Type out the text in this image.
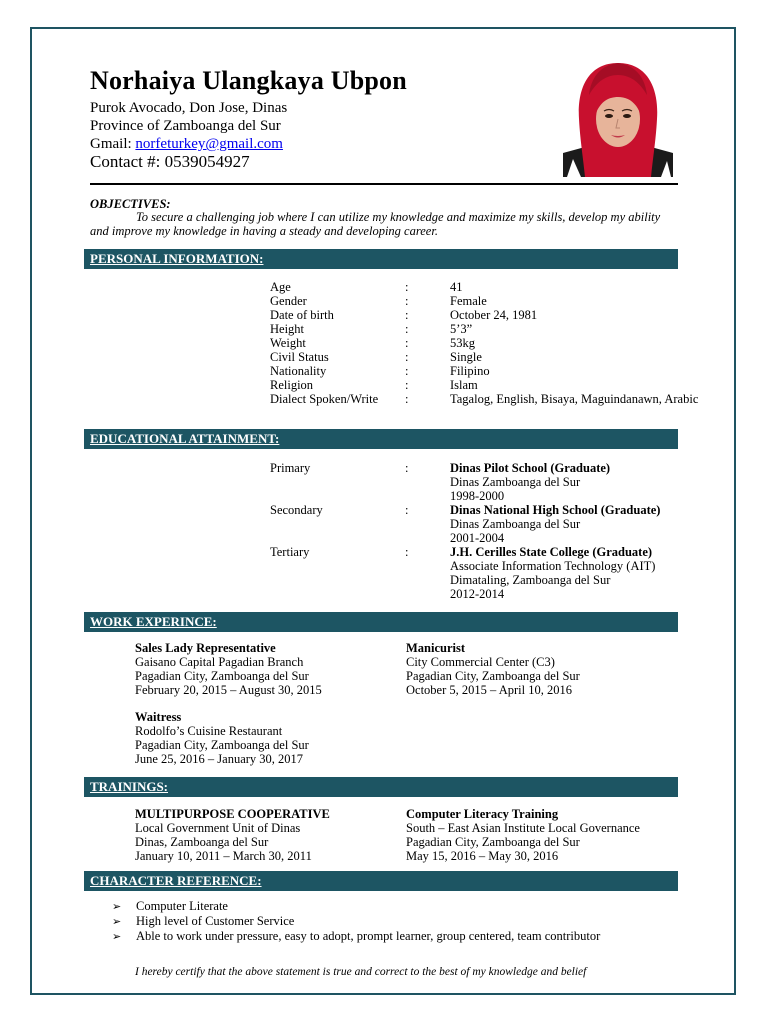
Norhaiya Ulangkaya Ubpon
Purok Avocado, Don Jose, Dinas
Province of Zamboanga del Sur
Gmail: norfeturkey@gmail.com
Contact #: 0539054927
OBJECTIVES:
To secure a challenging job where I can utilize my knowledge and maximize my skills, develop my ability and improve my knowledge in having a steady and developing career.
PERSONAL INFORMATION:
Age	:	41
Gender	:	Female
Date of birth	:	October 24, 1981
Height	:	5’3”
Weight	:	53kg
Civil Status	:	Single
Nationality	:	Filipino
Religion	:	Islam
Dialect Spoken/Write :	Tagalog, English, Bisaya, Maguindanawn, Arabic
EDUCATIONAL ATTAINMENT:
Primary	:	Dinas Pilot School (Graduate)
Dinas Zamboanga del Sur
1998-2000
Secondary	:	Dinas National High School (Graduate)
Dinas Zamboanga del Sur
2001-2004
Tertiary	:	J.H. Cerilles State College (Graduate)
Associate Information Technology (AIT)
Dimataling, Zamboanga del Sur
2012-2014
WORK EXPERINCE:
Sales Lady Representative
Gaisano Capital Pagadian Branch
Pagadian City, Zamboanga del Sur
February 20, 2015 – August 30, 2015
Manicurist
City Commercial Center (C3)
Pagadian City, Zamboanga del Sur
October 5, 2015 – April 10, 2016
Waitress
Rodolfo’s Cuisine Restaurant
Pagadian City, Zamboanga del Sur
June 25, 2016 – January 30, 2017
TRAININGS:
MULTIPURPOSE COOPERATIVE
Local Government Unit of Dinas
Dinas, Zamboanga del Sur
January 10, 2011 – March 30, 2011
Computer Literacy Training
South – East Asian Institute Local Governance
Pagadian City, Zamboanga del Sur
May 15, 2016 – May 30, 2016
CHARACTER REFERENCE:
➢ Computer Literate
➢ High level of Customer Service
➢ Able to work under pressure, easy to adopt, prompt learner, group centered, team contributor
I hereby certify that the above statement is true and correct to the best of my knowledge and belief
